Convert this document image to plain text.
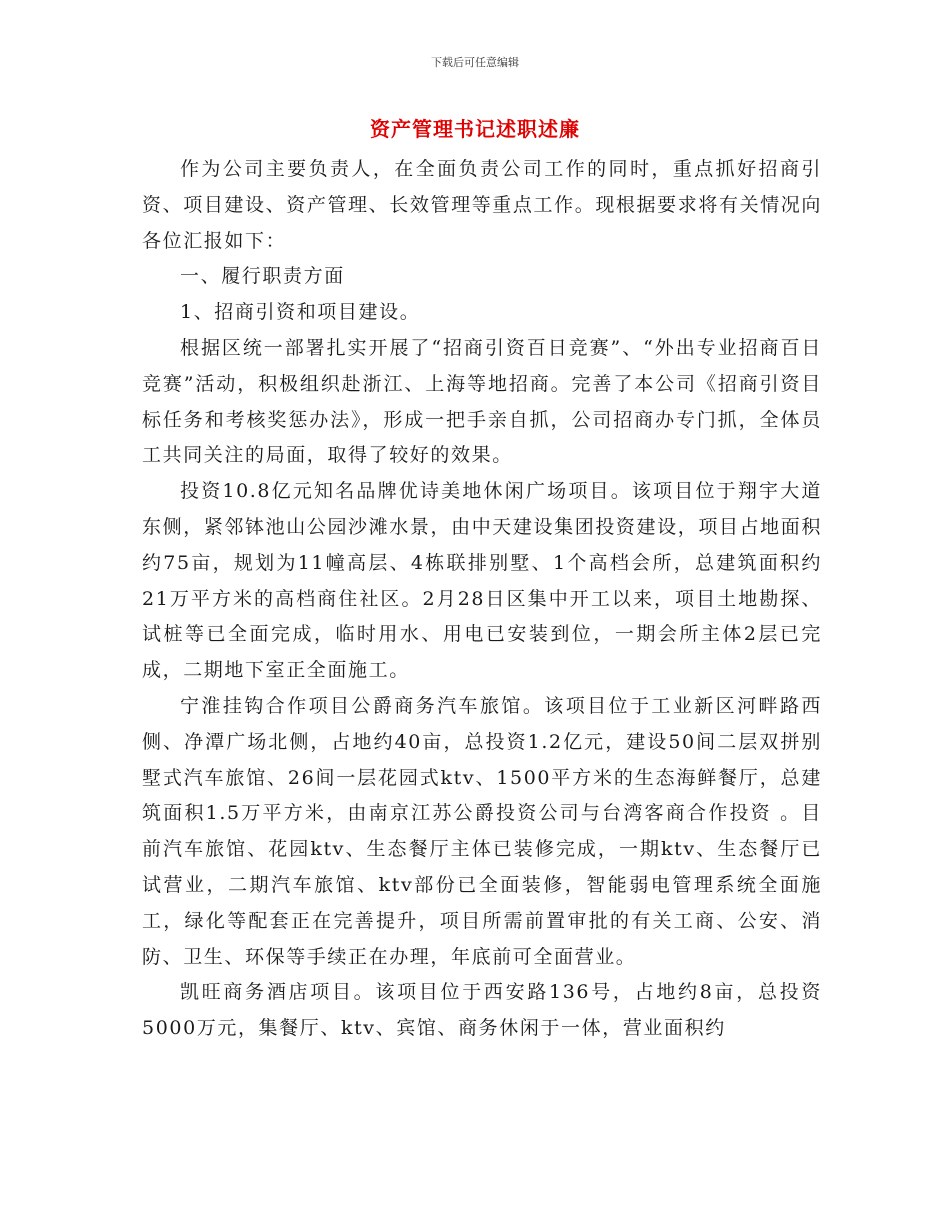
下载后可任意编辑
资产管理书记述职述廉

作为公司主要负责人，在全面负责公司工作的同时，重点抓好招商引资、项目建设、资产管理、长效管理等重点工作。现根据要求将有关情况向各位汇报如下：

一、履行职责方面

1、招商引资和项目建设。

根据区统一部署扎实开展了“招商引资百日竞赛”、“外出专业招商百日竞赛”活动，积极组织赴浙江、上海等地招商。完善了本公司《招商引资目标任务和考核奖惩办法》，形成一把手亲自抓，公司招商办专门抓，全体员工共同关注的局面，取得了较好的效果。

投资10.8亿元知名品牌优诗美地休闲广场项目。该项目位于翔宇大道东侧，紧邻钵池山公园沙滩水景，由中天建设集团投资建设，项目占地面积约75亩，规划为11幢高层、4栋联排别墅、1个高档会所，总建筑面积约21万平方米的高档商住社区。2月28日区集中开工以来，项目土地勘探、试桩等已全面完成，临时用水、用电已安装到位，一期会所主体2层已完成，二期地下室正全面施工。

宁淮挂钩合作项目公爵商务汽车旅馆。该项目位于工业新区河畔路西侧、净潭广场北侧，占地约40亩，总投资1.2亿元，建设50间二层双拼别墅式汽车旅馆、26间一层花园式ktv、1500平方米的生态海鲜餐厅，总建筑面积1.5万平方米，由南京江苏公爵投资公司与台湾客商合作投资 。目前汽车旅馆、花园ktv、生态餐厅主体已装修完成，一期ktv、生态餐厅已试营业，二期汽车旅馆、ktv部份已全面装修，智能弱电管理系统全面施工，绿化等配套正在完善提升，项目所需前置审批的有关工商、公安、消防、卫生、环保等手续正在办理，年底前可全面营业。

凯旺商务酒店项目。该项目位于西安路136号，占地约8亩，总投资5000万元，集餐厅、ktv、宾馆、商务休闲于一体，营业面积约
